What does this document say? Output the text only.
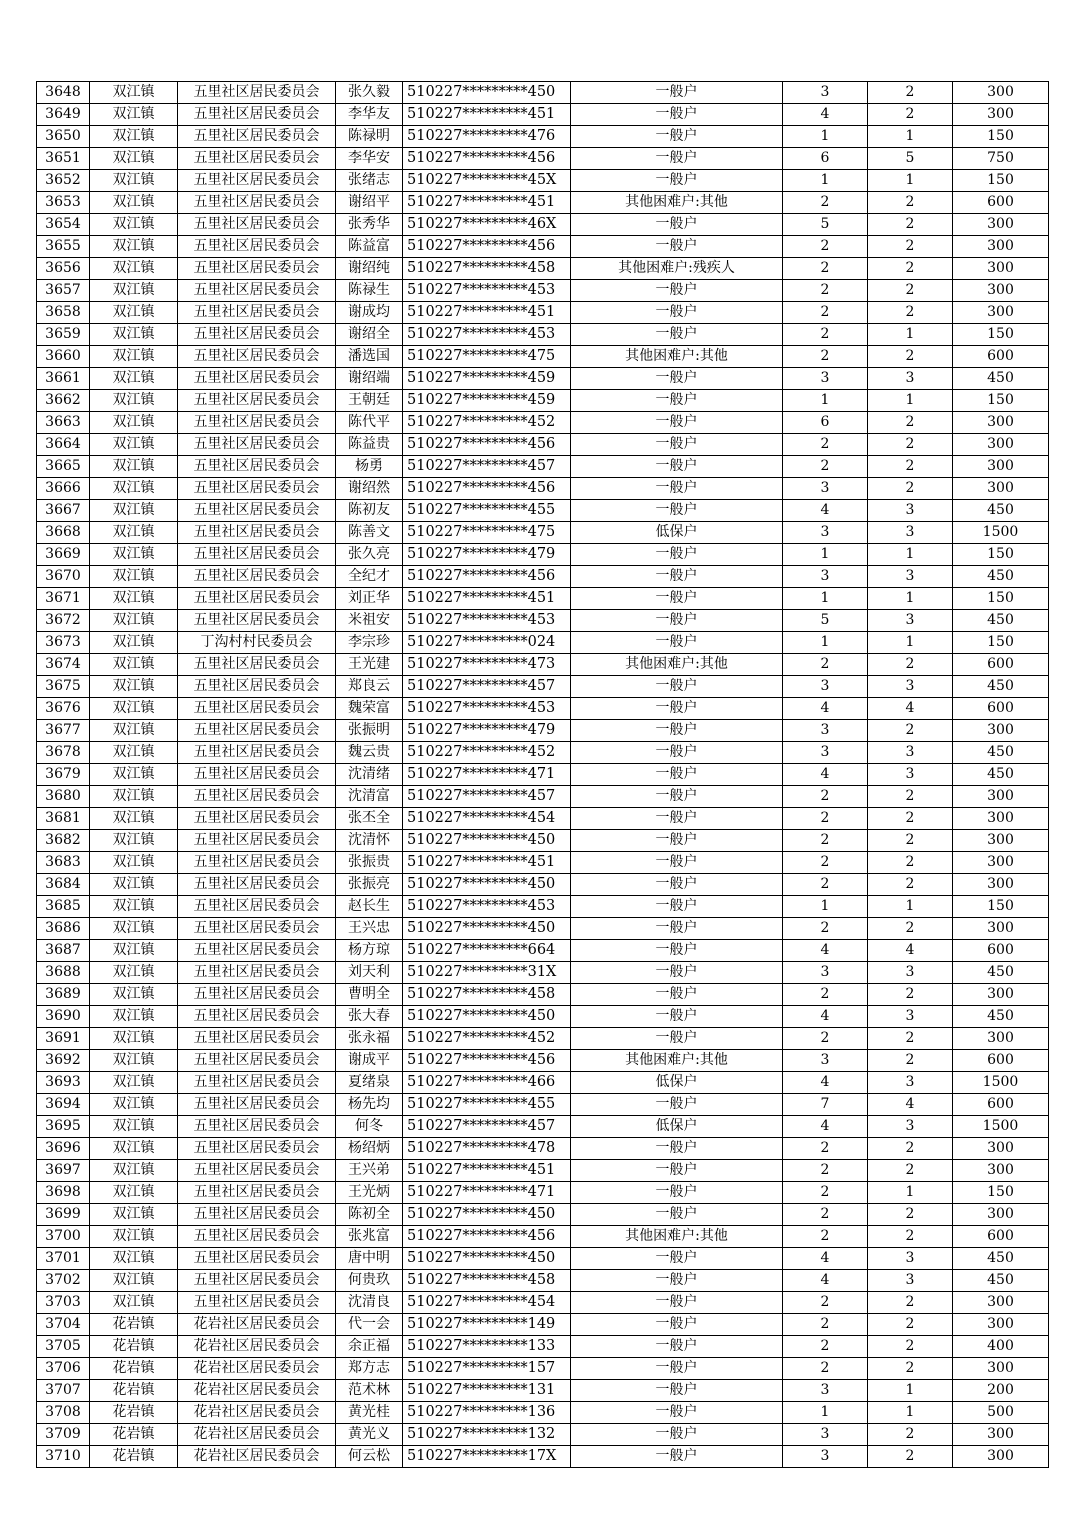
3648	双江镇	五里社区居民委员会	张久毅	510227*********450	一般户	3	2	300
3649	双江镇	五里社区居民委员会	李华友	510227*********451	一般户	4	2	300
3650	双江镇	五里社区居民委员会	陈禄明	510227*********476	一般户	1	1	150
3651	双江镇	五里社区居民委员会	李华安	510227*********456	一般户	6	5	750
3652	双江镇	五里社区居民委员会	张绪志	510227*********45X	一般户	1	1	150
3653	双江镇	五里社区居民委员会	谢绍平	510227*********451	其他困难户:其他	2	2	600
3654	双江镇	五里社区居民委员会	张秀华	510227*********46X	一般户	5	2	300
3655	双江镇	五里社区居民委员会	陈益富	510227*********456	一般户	2	2	300
3656	双江镇	五里社区居民委员会	谢绍纯	510227*********458	其他困难户:残疾人	2	2	300
3657	双江镇	五里社区居民委员会	陈禄生	510227*********453	一般户	2	2	300
3658	双江镇	五里社区居民委员会	谢成均	510227*********451	一般户	2	2	300
3659	双江镇	五里社区居民委员会	谢绍全	510227*********453	一般户	2	1	150
3660	双江镇	五里社区居民委员会	潘选国	510227*********475	其他困难户:其他	2	2	600
3661	双江镇	五里社区居民委员会	谢绍端	510227*********459	一般户	3	3	450
3662	双江镇	五里社区居民委员会	王朝廷	510227*********459	一般户	1	1	150
3663	双江镇	五里社区居民委员会	陈代平	510227*********452	一般户	6	2	300
3664	双江镇	五里社区居民委员会	陈益贵	510227*********456	一般户	2	2	300
3665	双江镇	五里社区居民委员会	杨勇	510227*********457	一般户	2	2	300
3666	双江镇	五里社区居民委员会	谢绍然	510227*********456	一般户	3	2	300
3667	双江镇	五里社区居民委员会	陈初友	510227*********455	一般户	4	3	450
3668	双江镇	五里社区居民委员会	陈善文	510227*********475	低保户	3	3	1500
3669	双江镇	五里社区居民委员会	张久亮	510227*********479	一般户	1	1	150
3670	双江镇	五里社区居民委员会	全纪才	510227*********456	一般户	3	3	450
3671	双江镇	五里社区居民委员会	刘正华	510227*********451	一般户	1	1	150
3672	双江镇	五里社区居民委员会	米祖安	510227*********453	一般户	5	3	450
3673	双江镇	丁沟村村民委员会	李宗珍	510227*********024	一般户	1	1	150
3674	双江镇	五里社区居民委员会	王光建	510227*********473	其他困难户:其他	2	2	600
3675	双江镇	五里社区居民委员会	郑良云	510227*********457	一般户	3	3	450
3676	双江镇	五里社区居民委员会	魏荣富	510227*********453	一般户	4	4	600
3677	双江镇	五里社区居民委员会	张振明	510227*********479	一般户	3	2	300
3678	双江镇	五里社区居民委员会	魏云贵	510227*********452	一般户	3	3	450
3679	双江镇	五里社区居民委员会	沈清绪	510227*********471	一般户	4	3	450
3680	双江镇	五里社区居民委员会	沈清富	510227*********457	一般户	2	2	300
3681	双江镇	五里社区居民委员会	张丕全	510227*********454	一般户	2	2	300
3682	双江镇	五里社区居民委员会	沈清怀	510227*********450	一般户	2	2	300
3683	双江镇	五里社区居民委员会	张振贵	510227*********451	一般户	2	2	300
3684	双江镇	五里社区居民委员会	张振亮	510227*********450	一般户	2	2	300
3685	双江镇	五里社区居民委员会	赵长生	510227*********453	一般户	1	1	150
3686	双江镇	五里社区居民委员会	王兴忠	510227*********450	一般户	2	2	300
3687	双江镇	五里社区居民委员会	杨方琼	510227*********664	一般户	4	4	600
3688	双江镇	五里社区居民委员会	刘天利	510227*********31X	一般户	3	3	450
3689	双江镇	五里社区居民委员会	曹明全	510227*********458	一般户	2	2	300
3690	双江镇	五里社区居民委员会	张大春	510227*********450	一般户	4	3	450
3691	双江镇	五里社区居民委员会	张永福	510227*********452	一般户	2	2	300
3692	双江镇	五里社区居民委员会	谢成平	510227*********456	其他困难户:其他	3	2	600
3693	双江镇	五里社区居民委员会	夏绪泉	510227*********466	低保户	4	3	1500
3694	双江镇	五里社区居民委员会	杨先均	510227*********455	一般户	7	4	600
3695	双江镇	五里社区居民委员会	何冬	510227*********457	低保户	4	3	1500
3696	双江镇	五里社区居民委员会	杨绍炳	510227*********478	一般户	2	2	300
3697	双江镇	五里社区居民委员会	王兴弟	510227*********451	一般户	2	2	300
3698	双江镇	五里社区居民委员会	王光炳	510227*********471	一般户	2	1	150
3699	双江镇	五里社区居民委员会	陈初全	510227*********450	一般户	2	2	300
3700	双江镇	五里社区居民委员会	张兆富	510227*********456	其他困难户:其他	2	2	600
3701	双江镇	五里社区居民委员会	唐中明	510227*********450	一般户	4	3	450
3702	双江镇	五里社区居民委员会	何贵玖	510227*********458	一般户	4	3	450
3703	双江镇	五里社区居民委员会	沈清良	510227*********454	一般户	2	2	300
3704	花岩镇	花岩社区居民委员会	代一会	510227*********149	一般户	2	2	300
3705	花岩镇	花岩社区居民委员会	余正福	510227*********133	一般户	2	2	400
3706	花岩镇	花岩社区居民委员会	郑方志	510227*********157	一般户	2	2	300
3707	花岩镇	花岩社区居民委员会	范术林	510227*********131	一般户	3	1	200
3708	花岩镇	花岩社区居民委员会	黄光桂	510227*********136	一般户	1	1	500
3709	花岩镇	花岩社区居民委员会	黄光义	510227*********132	一般户	3	2	300
3710	花岩镇	花岩社区居民委员会	何云松	510227*********17X	一般户	3	2	300
